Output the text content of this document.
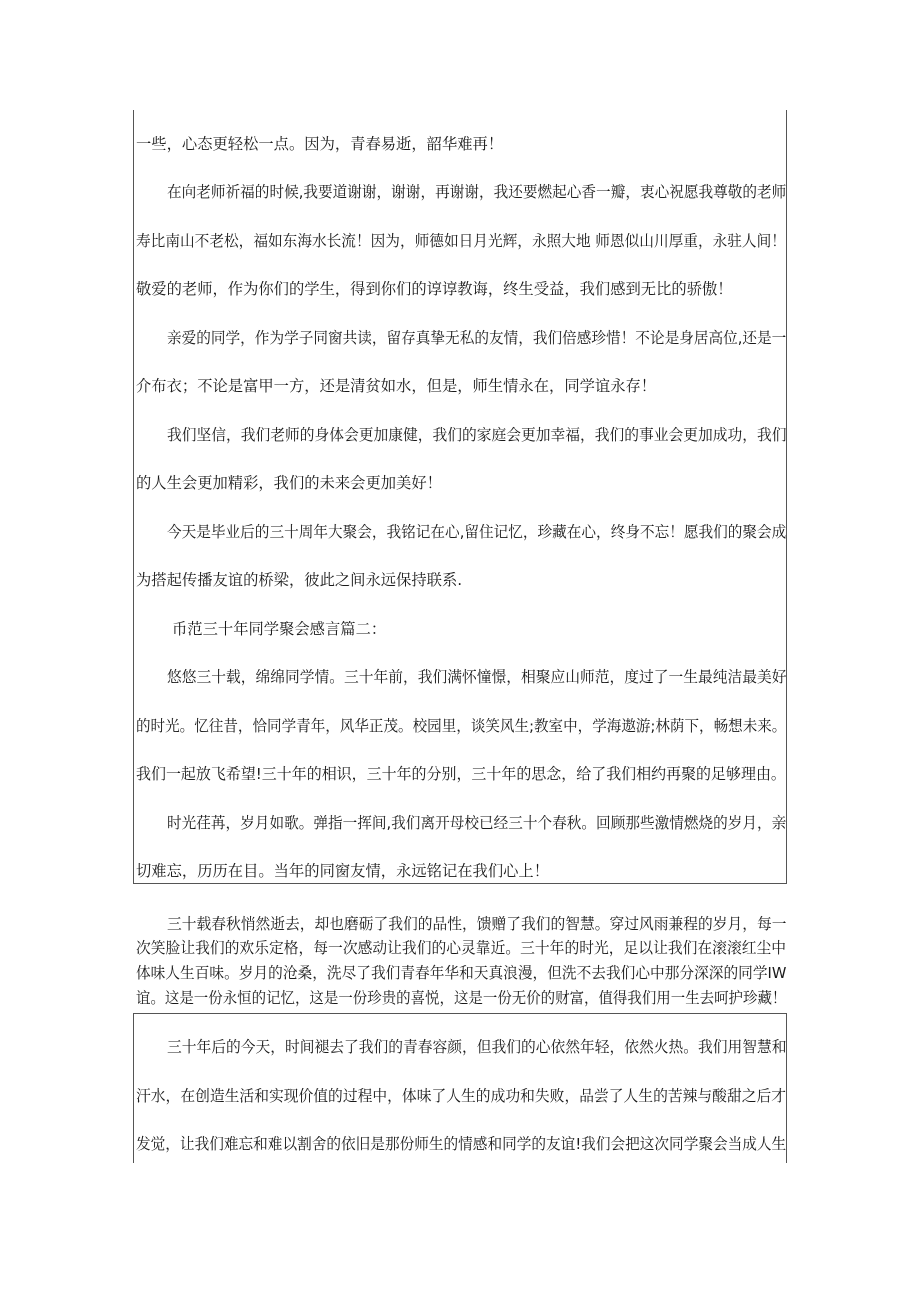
一些，心态更轻松一点。因为，青春易逝，韶华难再！
在向老师祈福的时候,我要道谢谢，谢谢，再谢谢，我还要燃起心香一瓣，衷心祝愿我尊敬的老师
寿比南山不老松，福如东海水长流！因为，师德如日月光辉，永照大地 师恩似山川厚重，永驻人间！
敬爱的老师，作为你们的学生，得到你们的谆谆教诲，终生受益，我们感到无比的骄傲！
亲爱的同学，作为学子同窗共读，留存真挚无私的友情，我们倍感珍惜！不论是身居高位,还是一
介布衣；不论是富甲一方，还是清贫如水，但是，师生情永在，同学谊永存！
我们坚信，我们老师的身体会更加康健，我们的家庭会更加幸福，我们的事业会更加成功，我们
的人生会更加精彩，我们的未来会更加美好！
今天是毕业后的三十周年大聚会，我铭记在心,留住记忆，珍藏在心，终身不忘！愿我们的聚会成
为搭起传播友谊的桥梁，彼此之间永远保持联系.
币范三十年同学聚会感言篇二：
悠悠三十载，绵绵同学情。三十年前，我们满怀憧憬，相聚应山师范，度过了一生最纯洁最美好
的时光。忆往昔，恰同学青年，风华正茂。校园里，谈笑风生;教室中，学海遨游;林荫下，畅想未来。
我们一起放飞希望!三十年的相识，三十年的分别，三十年的思念，给了我们相约再聚的足够理由。
时光荏苒，岁月如歌。弹指一挥间,我们离开母校已经三十个春秋。回顾那些激情燃烧的岁月，亲
切难忘，历历在目。当年的同窗友情，永远铭记在我们心上！
三十载春秋悄然逝去，却也磨砺了我们的品性，馈赠了我们的智慧。穿过风雨兼程的岁月，每一
次笑脸让我们的欢乐定格，每一次感动让我们的心灵靠近。三十年的时光，足以让我们在滚滚红尘中
体味人生百味。岁月的沧桑，洗尽了我们青春年华和天真浪漫，但洗不去我们心中那分深深的同学IW
谊。这是一份永恒的记忆，这是一份珍贵的喜悦，这是一份无价的财富，值得我们用一生去呵护珍藏！
三十年后的今天，时间褪去了我们的青春容颜，但我们的心依然年轻，依然火热。我们用智慧和
汗水，在创造生活和实现价值的过程中，体味了人生的成功和失败，品尝了人生的苦辣与酸甜之后才
发觉，让我们难忘和难以割舍的依旧是那份师生的情感和同学的友谊!我们会把这次同学聚会当成人生
